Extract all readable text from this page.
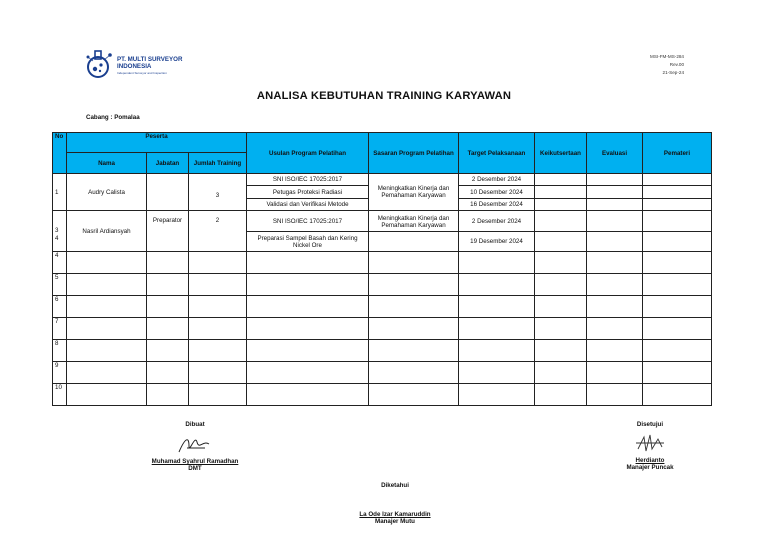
PT. MULTI SURVEYOR
INDONESIA
Independent Surveyor and Inspection
MSI-FM-MS-284
Rev.00
21-Sep-24
ANALISA KEBUTUHAN TRAINING KARYAWAN
Cabang : Pomalaa
No	Peserta			Usulan Program Pelatihan	Sasaran Program Pelatihan	Target Pelaksanaan	Keikutsertaan	Evaluasi	Pemateri
	Nama	Jabatan	Jumlah Training						
1	Audry Calista		3	SNI ISO/IEC 17025:2017	Meningkatkan Kinerja dan Pemahaman Karyawan	2 Desember 2024			
				Petugas Proteksi Radiasi		10 Desember 2024			
				Validasi dan Verifikasi Metode		16 Desember 2024			

3
4	Nasril Ardiansyah	Preparator	2	SNI ISO/IEC 17025:2017	Meningkatkan Kinerja dan Pemahaman Karyawan	2 Desember 2024			
				Preparasi Sampel Basah dan Kering Nickel Ore		19 Desember 2024			
4									
5									
6									
7									
8									
9									
10									
Dibuat
Muhamad Syahrul Ramadhan
DMT
Disetujui
Herdianto
Manajer Puncak
Diketahui
La Ode Izar Kamaruddin
Manajer Mutu
